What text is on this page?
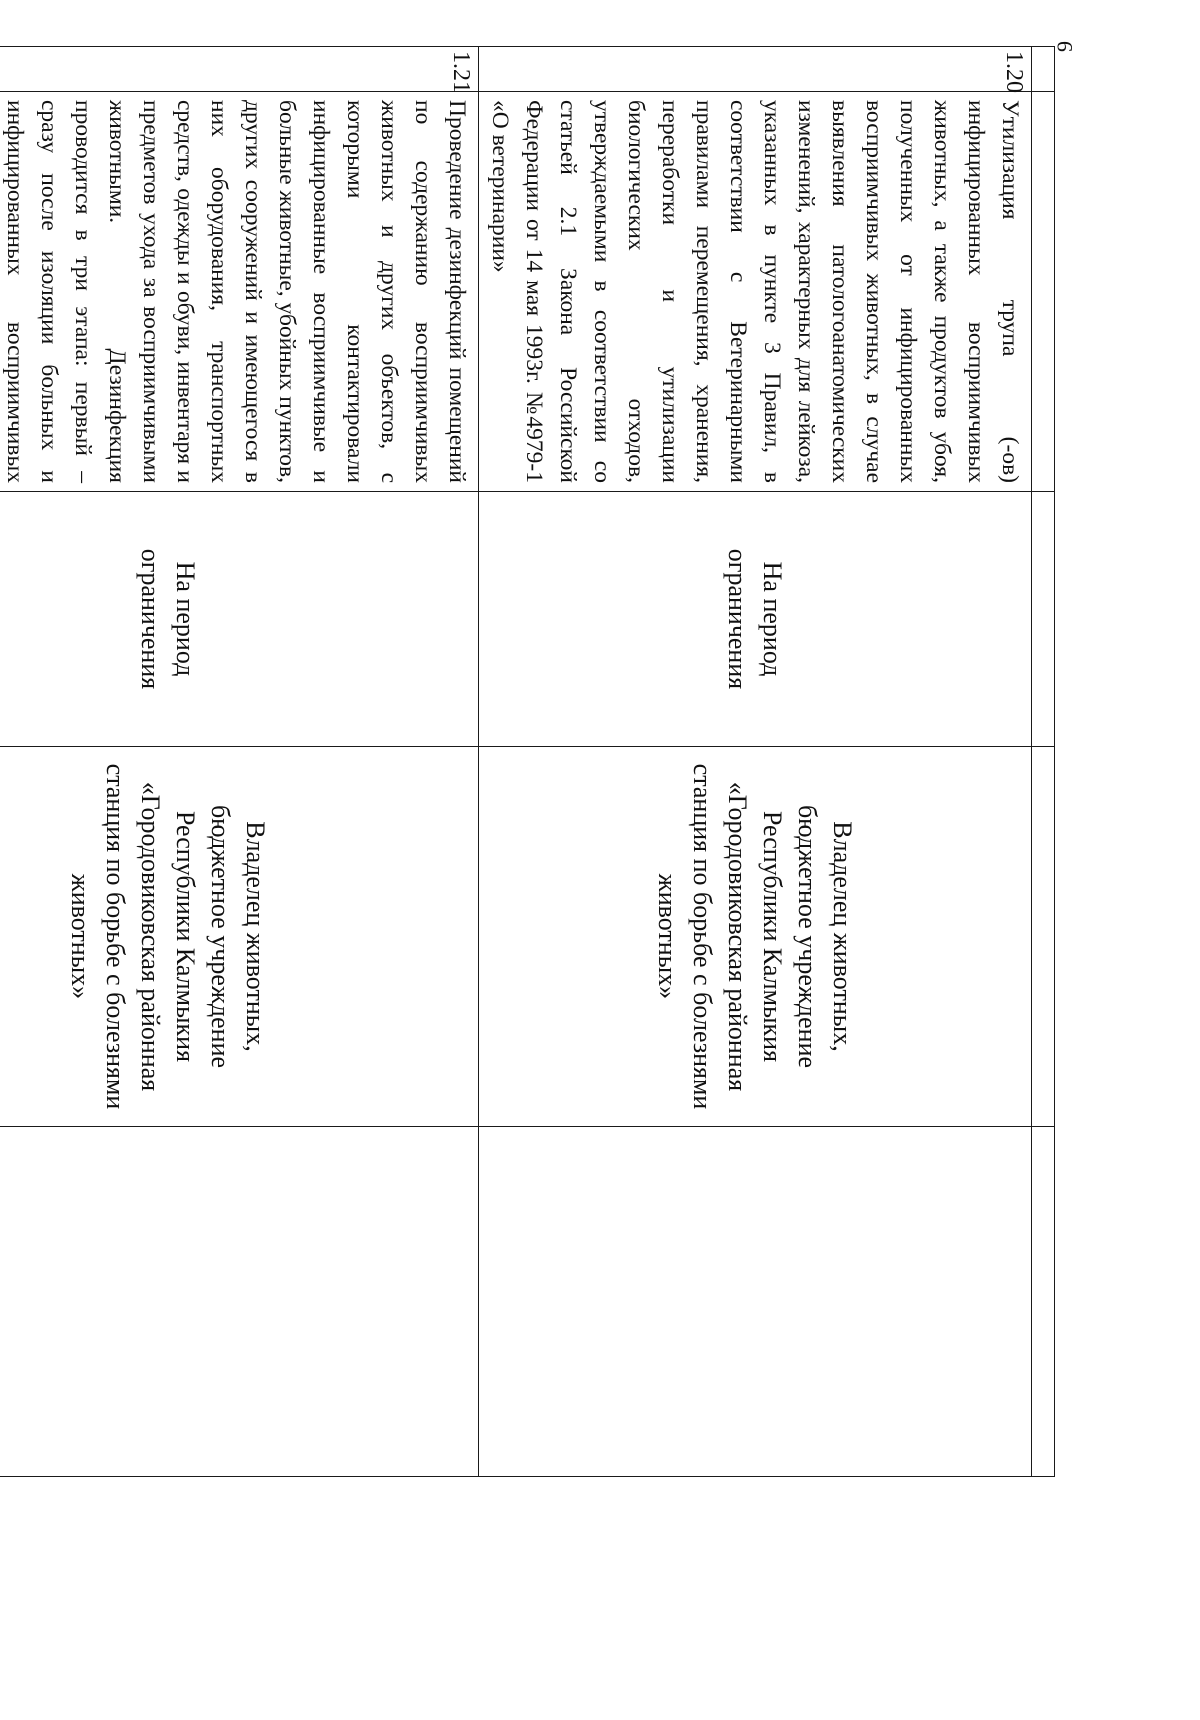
9

1.20	Утилизация трупа (-ов) инфицированных восприимчивых животных, а также продуктов убоя, полученных от инфицированных восприимчивых животных, в случае выявления патологоанатомических изменений, характерных для лейкоза, указанных в пункте 3 Правил, в соответствии с Ветеринарными правилами перемещения, хранения, переработки и утилизации биологических отходов, утверждаемыми в соответствии со статьей 2.1 Закона Российской Федерации от 14 мая 1993г. №4979-1 «О ветеринарии»	На период ограничения	Владелец животных, бюджетное учреждение Республики Калмыкия «Городовиковская районная станция по борьбе с болезнями животных»	
1.21	Проведение дезинфекций помещений по содержанию восприимчивых животных и других объектов, с которыми контактировали инфицированные восприимчивые и больные животные, убойных пунктов, других сооружений и имеющегося в них оборудования, транспортных средств, одежды и обуви, инвентаря и предметов ухода за восприимчивыми животными. Дезинфекция проводится в три этапа: первый – сразу после изоляции больных и инфицированных восприимчивых	На период ограничения	Владелец животных, бюджетное учреждение Республики Калмыкия «Городовиковская районная станция по борьбе с болезнями животных»	
